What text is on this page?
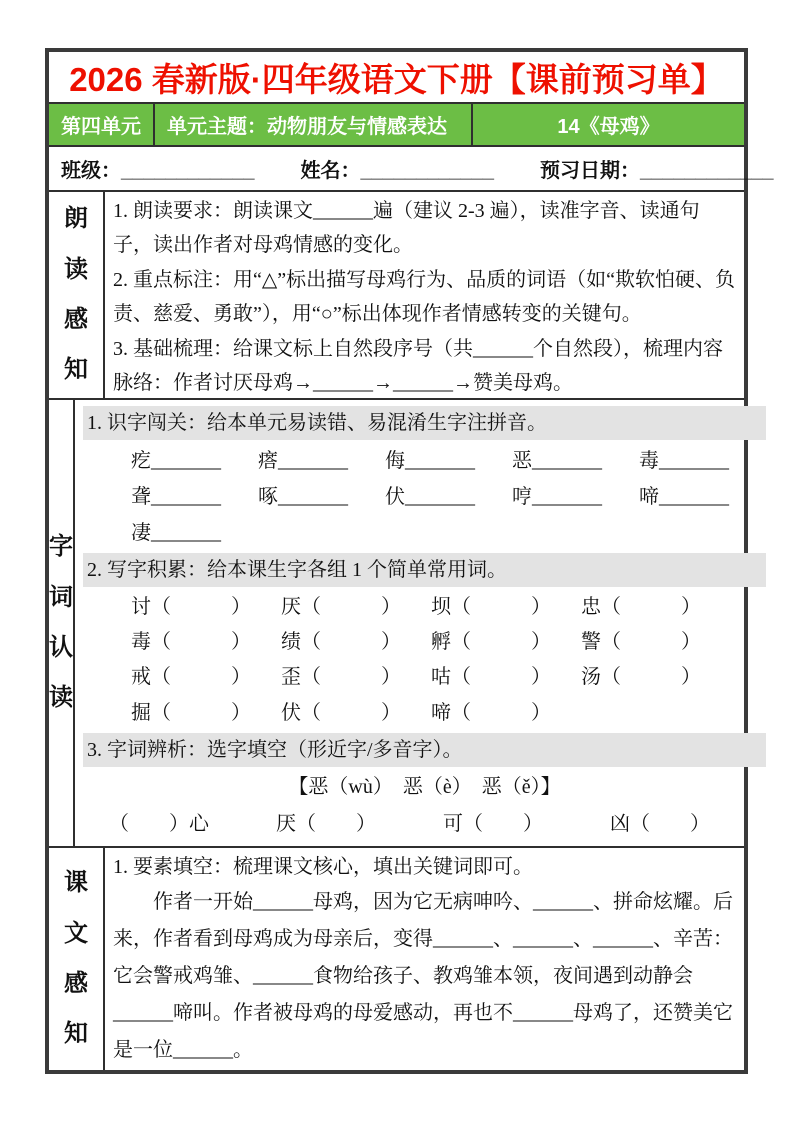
2026 春新版·四年级语文下册【课前预习单】
第四单元	单元主题：动物朋友与情感表达	14《母鸡》
班级：____________ 姓名：____________ 预习日期：____________
朗读感知
1. 朗读要求：朗读课文______遍（建议 2-3 遍），读准字音、读通句子，读出作者对母鸡情感的变化。
2. 重点标注：用“△”标出描写母鸡行为、品质的词语（如“欺软怕硬、负责、慈爱、勇敢”），用“○”标出体现作者情感转变的关键句。
3. 基础梳理：给课文标上自然段序号（共______个自然段），梳理内容脉络：作者讨厌母鸡→______→______→赞美母鸡。
字词认读
1. 识字闯关：给本单元易读错、易混淆生字注拼音。
疙_______	瘩_______	侮_______	恶_______	毒_______
聋_______	啄_______	伏_______	哼_______	啼_______
凄_______
2. 写字积累：给本课生字各组 1 个简单常用词。
讨（　　　）	厌（　　　）	坝（　　　）	忠（　　　）
毒（　　　）	绩（　　　）	孵（　　　）	警（　　　）
戒（　　　）	歪（　　　）	咕（　　　）	汤（　　　）
掘（　　　）	伏（　　　）	啼（　　　）
3. 字词辨析：选字填空（形近字/多音字）。
【恶（wù）　恶（è）　恶（ě）】
（　　）心	厌（　　）	可（　　）	凶（　　）
课文感知
1. 要素填空：梳理课文核心，填出关键词即可。
作者一开始______母鸡，因为它无病呻吟、______、拼命炫耀。后来，作者看到母鸡成为母亲后，变得______、______、______、辛苦：它会警戒鸡雏、______食物给孩子、教鸡雏本领，夜间遇到动静会______啼叫。作者被母鸡的母爱感动，再也不______母鸡了，还赞美它是一位______。
